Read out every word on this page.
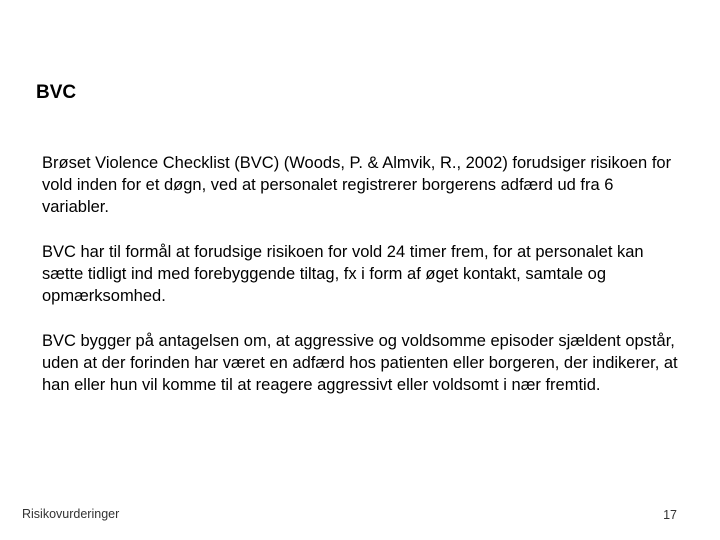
BVC

Brøset Violence Checklist (BVC) (Woods, P. & Almvik, R., 2002) forudsiger risikoen for vold inden for et døgn, ved at personalet registrerer borgerens adfærd ud fra 6 variabler.

BVC har til formål at forudsige risikoen for vold 24 timer frem, for at personalet kan sætte tidligt ind med forebyggende tiltag, fx i form af øget kontakt, samtale og opmærksomhed.

BVC bygger på antagelsen om, at aggressive og voldsomme episoder sjældent opstår, uden at der forinden har været en adfærd hos patienten eller borgeren, der indikerer, at han eller hun vil komme til at reagere aggressivt eller voldsomt i nær fremtid.

Risikovurderinger	17
